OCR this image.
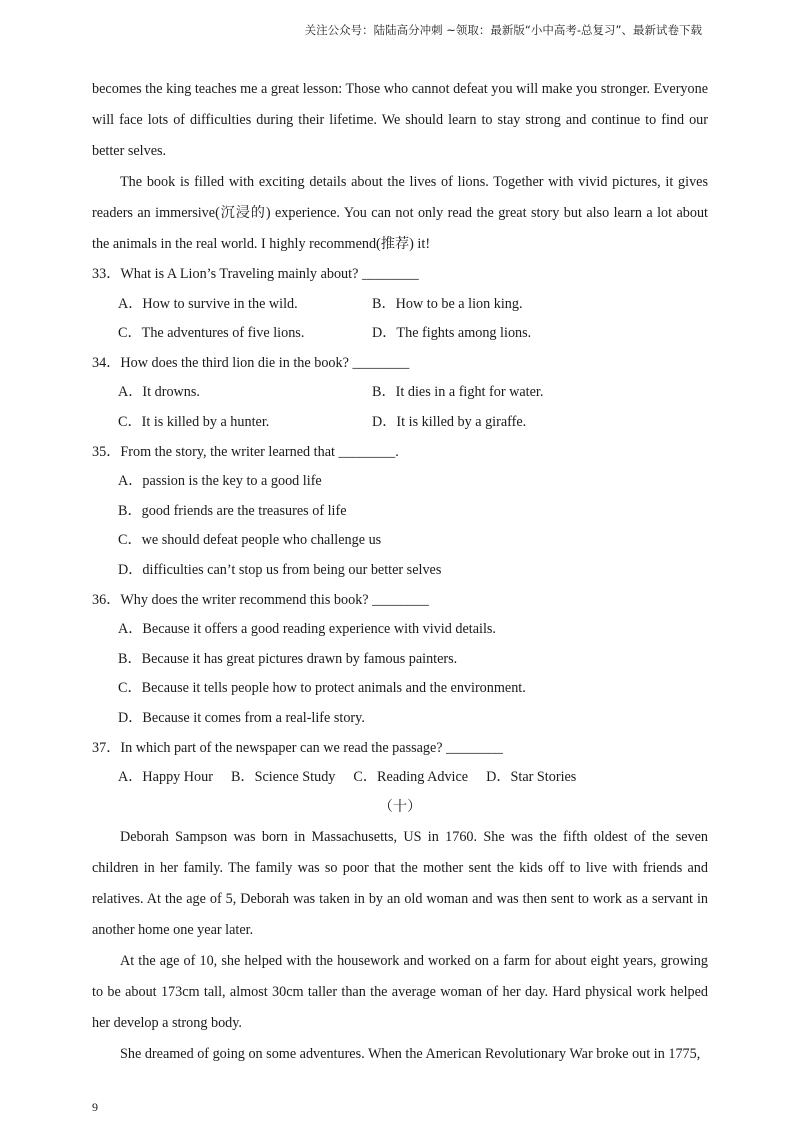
关注公众号：陆陆高分冲刺 ~领取：最新版“小中高考-总复习”、最新试卷下载

becomes the king teaches me a great lesson: Those who cannot defeat you will make you stronger. Everyone will face lots of difficulties during their lifetime. We should learn to stay strong and continue to find our better selves.

The book is filled with exciting details about the lives of lions. Together with vivid pictures, it gives readers an immersive(沉浸的) experience. You can not only read the great story but also learn a lot about the animals in the real world. I highly recommend(推荐) it!

33．What is A Lion’s Traveling mainly about? ________

A．How to survive in the wild.	B．How to be a lion king.
C．The adventures of five lions.	D．The fights among lions.

34．How does the third lion die in the book? ________

A．It drowns.	B．It dies in a fight for water.
C．It is killed by a hunter.	D．It is killed by a giraffe.

35．From the story, the writer learned that ________.

A．passion is the key to a good life

B．good friends are the treasures of life

C．we should defeat people who challenge us

D．difficulties can’t stop us from being our better selves

36．Why does the writer recommend this book? ________

A．Because it offers a good reading experience with vivid details.

B．Because it has great pictures drawn by famous painters.

C．Because it tells people how to protect animals and the environment.

D．Because it comes from a real-life story.

37．In which part of the newspaper can we read the passage? ________

A．Happy Hour B．Science Study C．Reading Advice D．Star Stories

（十）

Deborah Sampson was born in Massachusetts, US in 1760. She was the fifth oldest of the seven children in her family. The family was so poor that the mother sent the kids off to live with friends and relatives. At the age of 5, Deborah was taken in by an old woman and was then sent to work as a servant in another home one year later.

At the age of 10, she helped with the housework and worked on a farm for about eight years, growing to be about 173cm tall, almost 30cm taller than the average woman of her day. Hard physical work helped her develop a strong body.

She dreamed of going on some adventures. When the American Revolutionary War broke out in 1775,

9
